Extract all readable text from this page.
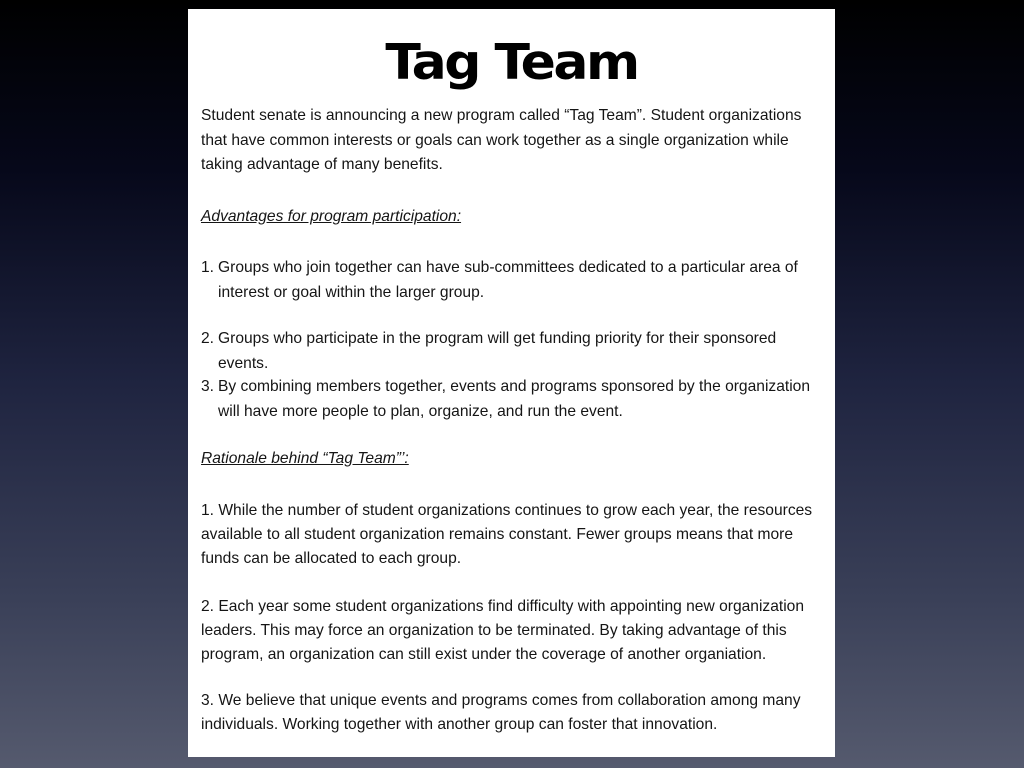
Tag Team
Student senate is announcing a new program called “Tag Team”. Student organizations that have common interests or goals can work together as a single organization while taking advantage of many benefits.
Advantages for program participation:
1. Groups who join together can have sub-committees dedicated to a particular area of interest or goal within the larger group.
2. Groups who participate in the program will get funding priority for their sponsored events.
3. By combining members together, events and programs sponsored by the organization will have more people to plan, organize, and run the event.
Rationale behind “Tag Team”’:
1. While the number of student organizations continues to grow each year, the resources available to all student organization remains constant. Fewer groups means that more funds can be allocated to each group.
2. Each year some student organizations find difficulty with appointing new organization leaders. This may force an organization to be terminated. By taking advantage of this program, an organization can still exist under the coverage of another organiation.
3. We believe that unique events and programs comes from collaboration among many individuals. Working together with another group can foster that innovation.
